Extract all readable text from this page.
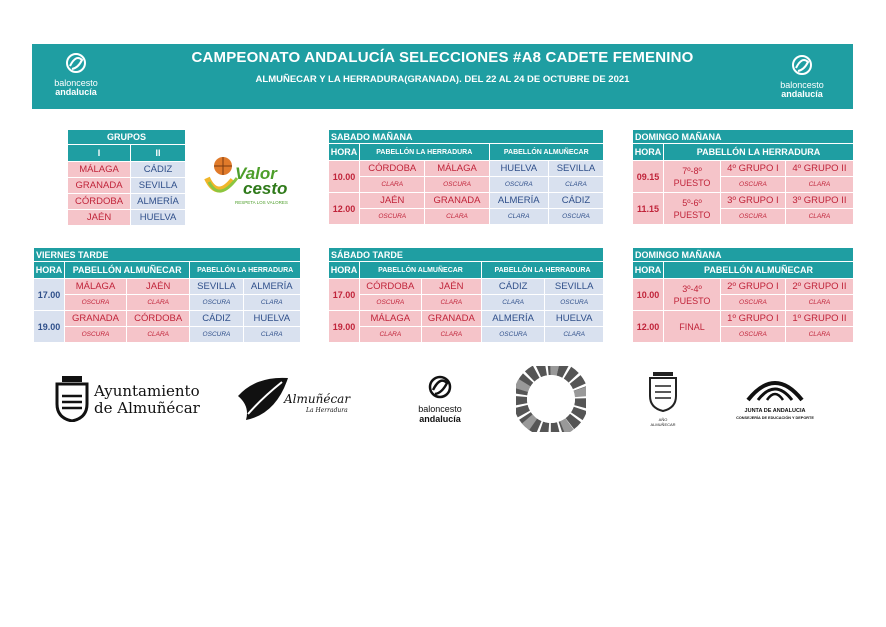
CAMPEONATO ANDALUCÍA SELECCIONES #A8 CADETE FEMENINO
ALMUÑECAR Y LA HERRADURA(GRANADA). DEL 22 AL 24 DE OCTUBRE DE 2021
baloncesto
andalucía
baloncesto
andalucía
GRUPOS	
I	II
MÁLAGA	CÁDIZ
GRANADA	SEVILLA
CÓRDOBA	ALMERÍA
JAÉN	HUELVA
Valor
cesto
RESPETA LOS VALORES
SABADO MAÑANA				
HORA	PABELLÓN LA HERRADURA		PABELLÓN ALMUÑECAR	
10.00	CÓRDOBA	MÁLAGA	HUELVA	SEVILLA
	CLARA	OSCURA	OSCURA	CLARA
12.00	JAÉN	GRANADA	ALMERÍA	CÁDIZ
	OSCURA	CLARA	CLARA	OSCURA
DOMINGO MAÑANA			
HORA	PABELLÓN LA HERRADURA		
09.15	7º-8º
PUESTO	4º GRUPO I	4º GRUPO II
		OSCURA	CLARA
11.15	5º-6º
PUESTO	3º GRUPO I	3º GRUPO II
		OSCURA	CLARA
VIERNES TARDE				
HORA	PABELLÓN ALMUÑECAR		PABELLÓN LA HERRADURA	
17.00	MÁLAGA	JAÉN	SEVILLA	ALMERÍA
	OSCURA	CLARA	OSCURA	CLARA
19.00	GRANADA	CÓRDOBA	CÁDIZ	HUELVA
	OSCURA	CLARA	OSCURA	CLARA
SÁBADO TARDE				
HORA	PABELLÓN ALMUÑECAR		PABELLÓN LA HERRADURA	
17.00	CÓRDOBA	JAÉN	CÁDIZ	SEVILLA
	OSCURA	CLARA	CLARA	OSCURA
19.00	MÁLAGA	GRANADA	ALMERÍA	HUELVA
	CLARA	CLARA	OSCURA	CLARA
DOMINGO MAÑANA			
HORA	PABELLÓN ALMUÑECAR		
10.00	3º-4º
PUESTO	2º GRUPO I	2º GRUPO II
		OSCURA	CLARA
12.00	FINAL	1º GRUPO I	1º GRUPO II
		OSCURA	CLARA
Ayuntamiento
de Almuñécar	Almuñécar
La Herradura	baloncesto
andalucía	AÑO
ALMUÑECAR
JUNTA DE ANDALUCIA
CONSEJERÍA DE EDUCACIÓN Y DEPORTE
